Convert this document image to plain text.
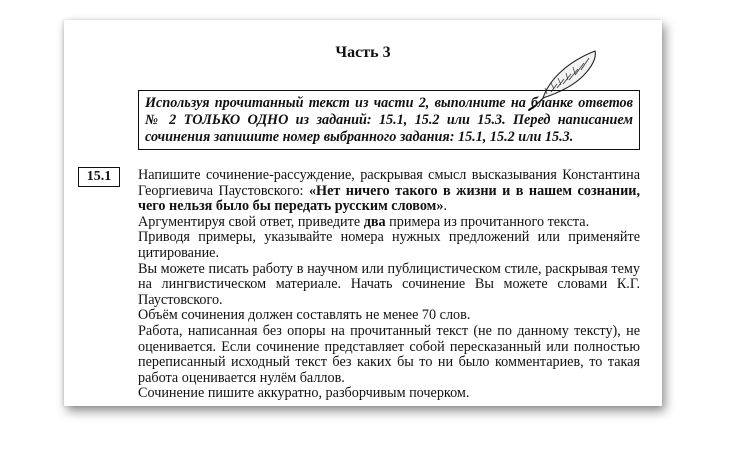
Часть 3
Используя прочитанный текст из части 2, выполните на бланке ответов № 2 ТОЛЬКО ОДНО из заданий: 15.1, 15.2 или 15.3. Перед написанием сочинения запишите номер выбранного задания: 15.1, 15.2 или 15.3.
15.1	Напишите сочинение-рассуждение, раскрывая смысл высказывания Константина Георгиевича Паустовского: «Нет ничего такого в жизни и в нашем сознании, чего нельзя было бы передать русским словом».

Аргументируя свой ответ, приведите два примера из прочитанного текста.

Приводя примеры, указывайте номера нужных предложений или применяйте цитирование.

Вы можете писать работу в научном или публицистическом стиле, раскрывая тему на лингвистическом материале. Начать сочинение Вы можете словами К.Г. Паустовского.

Объём сочинения должен составлять не менее 70 слов.

Работа, написанная без опоры на прочитанный текст (не по данному тексту), не оценивается. Если сочинение представляет собой пересказанный или полностью переписанный исходный текст без каких бы то ни было комментариев, то такая работа оценивается нулём баллов.

Сочинение пишите аккуратно, разборчивым почерком.
